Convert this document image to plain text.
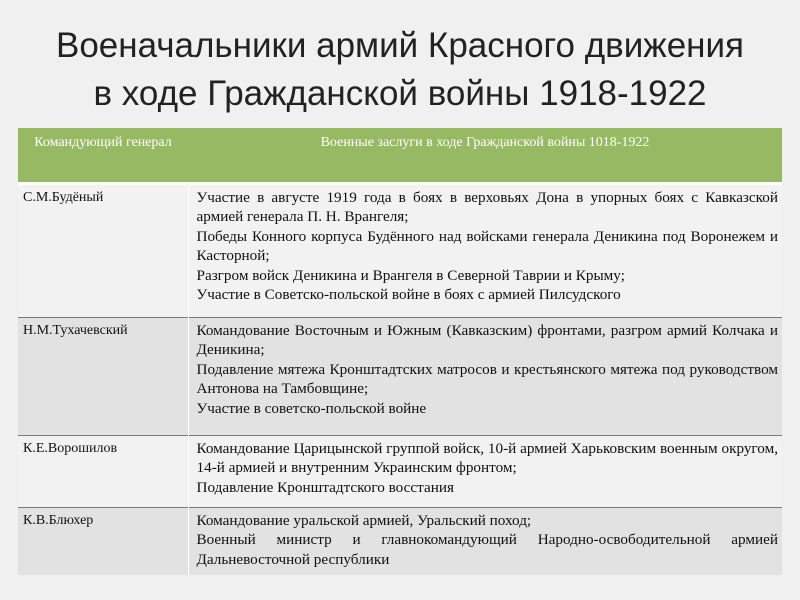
Военачальники армий Красного движения
в ходе Гражданской войны 1918-1922
Командующий генерал	Военные заслуги в ходе Гражданской войны 1018-1922
С.М.Будёный	Участие в августе 1919 года в боях в верховьях Дона в упорных боях с Кавказской армией генерала П. Н. Врангеля;
Победы Конного корпуса Будённого над войсками генерала Деникина под Воронежем и Касторной;
Разгром войск Деникина и Врангеля в Северной Таврии и Крыму;
Участие в Советско-польской войне в боях с армией Пилсудского

Н.М.Тухачевский	Командование Восточным и Южным (Кавказским) фронтами, разгром армий Колчака и Деникина;
Подавление мятежа Кронштадтских матросов и крестьянского мятежа под руководством Антонова на Тамбовщине;
Участие в советско-польской войне

К.Е.Ворошилов	Командование Царицынской группой войск, 10-й армией Харьковским военным округом, 14-й армией и внутренним Украинским фронтом;
Подавление Кронштадтского восстания

К.В.Блюхер	Командование уральской армией, Уральский поход;
Военный министр и главнокомандующий Народно-освободительной армией Дальневосточной республики
